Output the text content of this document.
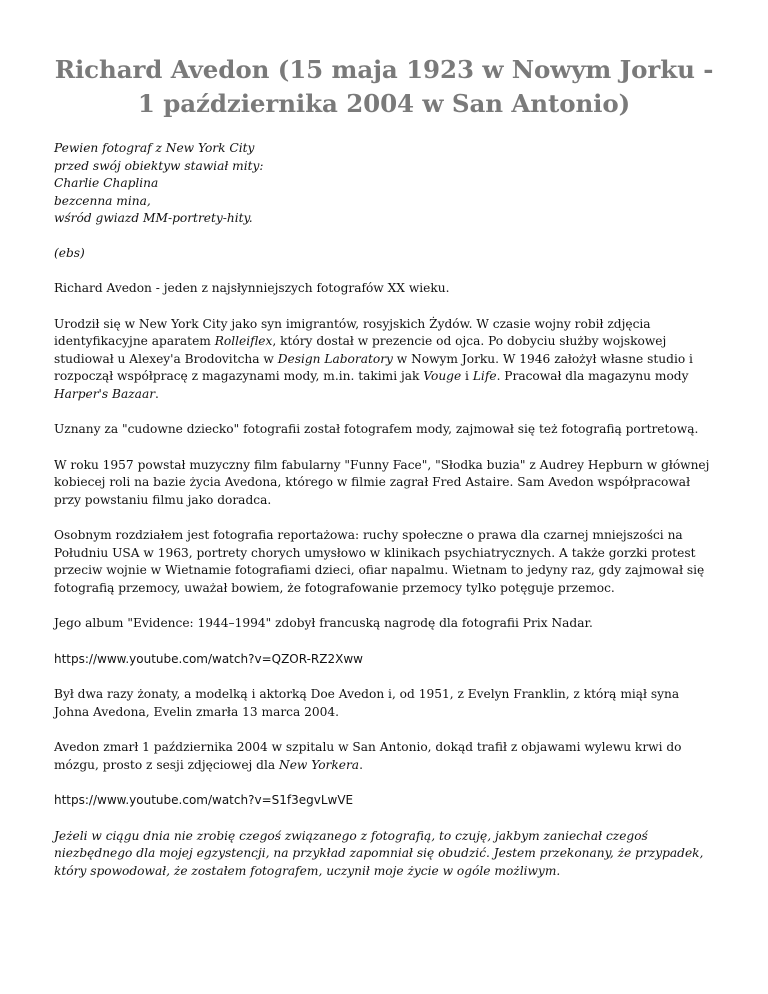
Richard Avedon (15 maja 1923 w Nowym Jorku - 1 października 2004 w San Antonio)
Pewien fotograf z New York City
przed swój obiektyw stawiał mity:
Charlie Chaplina
bezcenna mina,
wśród gwiazd MM-portrety-hity.

(ebs)

Richard Avedon - jeden z najsłynniejszych fotografów XX wieku.

Urodził się w New York City jako syn imigrantów, rosyjskich Żydów. W czasie wojny robił zdjęcia identyfikacyjne aparatem Rolleiflex, który dostał w prezencie od ojca. Po dobyciu służby wojskowej studiował u Alexey'a Brodovitcha w Design Laboratory w Nowym Jorku. W 1946 założył własne studio i rozpoczął współpracę z magazynami mody, m.in. takimi jak Vouge i Life. Pracował dla magazynu mody Harper's Bazaar.

Uznany za "cudowne dziecko" fotografii został fotografem mody, zajmował się też fotografią portretową.

W roku 1957 powstał muzyczny film fabularny "Funny Face", "Słodka buzia" z Audrey Hepburn w głównej kobiecej roli na bazie życia Avedona, którego w filmie zagrał Fred Astaire. Sam Avedon współpracował przy powstaniu filmu jako doradca.

Osobnym rozdziałem jest fotografia reportażowa: ruchy społeczne o prawa dla czarnej mniejszości na Południu USA w 1963, portrety chorych umysłowo w klinikach psychiatrycznych. A także gorzki protest przeciw wojnie w Wietnamie fotografiami dzieci, ofiar napalmu. Wietnam to jedyny raz, gdy zajmował się fotografią przemocy, uważał bowiem, że fotografowanie przemocy tylko potęguje przemoc.

Jego album "Evidence: 1944–1994" zdobył francuską nagrodę dla fotografii Prix Nadar.

https://www.youtube.com/watch?v=QZOR-RZ2Xww

Był dwa razy żonaty, a modelką i aktorką Doe Avedon i, od 1951, z Evelyn Franklin, z którą miął syna Johna Avedona, Evelin zmarła 13 marca 2004.

Avedon zmarł 1 października 2004 w szpitalu w San Antonio, dokąd trafił z objawami wylewu krwi do mózgu, prosto z sesji zdjęciowej dla New Yorkera.

https://www.youtube.com/watch?v=S1f3egvLwVE

Jeżeli w ciągu dnia nie zrobię czegoś związanego z fotografią, to czuję, jakbym zaniechał czegoś niezbędnego dla mojej egzystencji, na przykład zapomniał się obudzić. Jestem przekonany, że przypadek, który spowodował, że zostałem fotografem, uczynił moje życie w ogóle możliwym.
